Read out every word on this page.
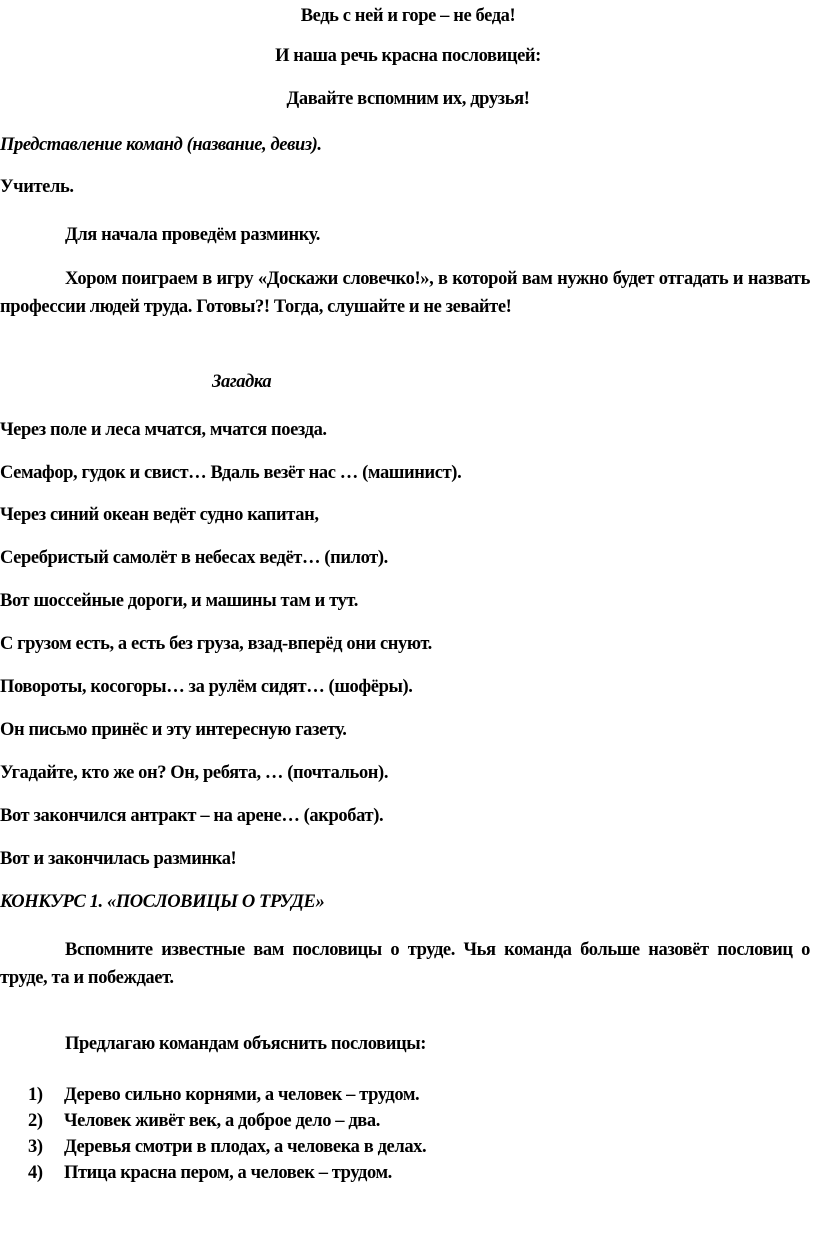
Ведь с ней и горе – не беда!

И наша речь красна пословицей:

Давайте вспомним их, друзья!

Представление команд (название, девиз).

Учитель.

Для начала проведём разминку.

Хором поиграем в игру «Доскажи словечко!», в которой вам нужно будет отгадать и назвать профессии людей труда. Готовы?! Тогда, слушайте и не зевайте!

Загадка

Через поле и леса мчатся, мчатся поезда.

Семафор, гудок и свист… Вдаль везёт нас … (машинист).

Через синий океан ведёт судно капитан,

Серебристый самолёт в небесах ведёт… (пилот).

Вот шоссейные дороги, и машины там и тут.

С грузом есть, а есть без груза, взад-вперёд они снуют.

Повороты, косогоры… за рулём сидят… (шофёры).

Он письмо принёс и эту интересную газету.

Угадайте, кто же он? Он, ребята, … (почтальон).

Вот закончился антракт – на арене… (акробат).

Вот и закончилась разминка!

КОНКУРС 1. «ПОСЛОВИЦЫ О ТРУДЕ»

Вспомните известные вам пословицы о труде. Чья команда больше назовёт пословиц о труде, та и побеждает.

Предлагаю командам объяснить пословицы:

1) Дерево сильно корнями, а человек – трудом.
2) Человек живёт век, а доброе дело – два.
3) Деревья смотри в плодах, а человека в делах.
4) Птица красна пером, а человек – трудом.
